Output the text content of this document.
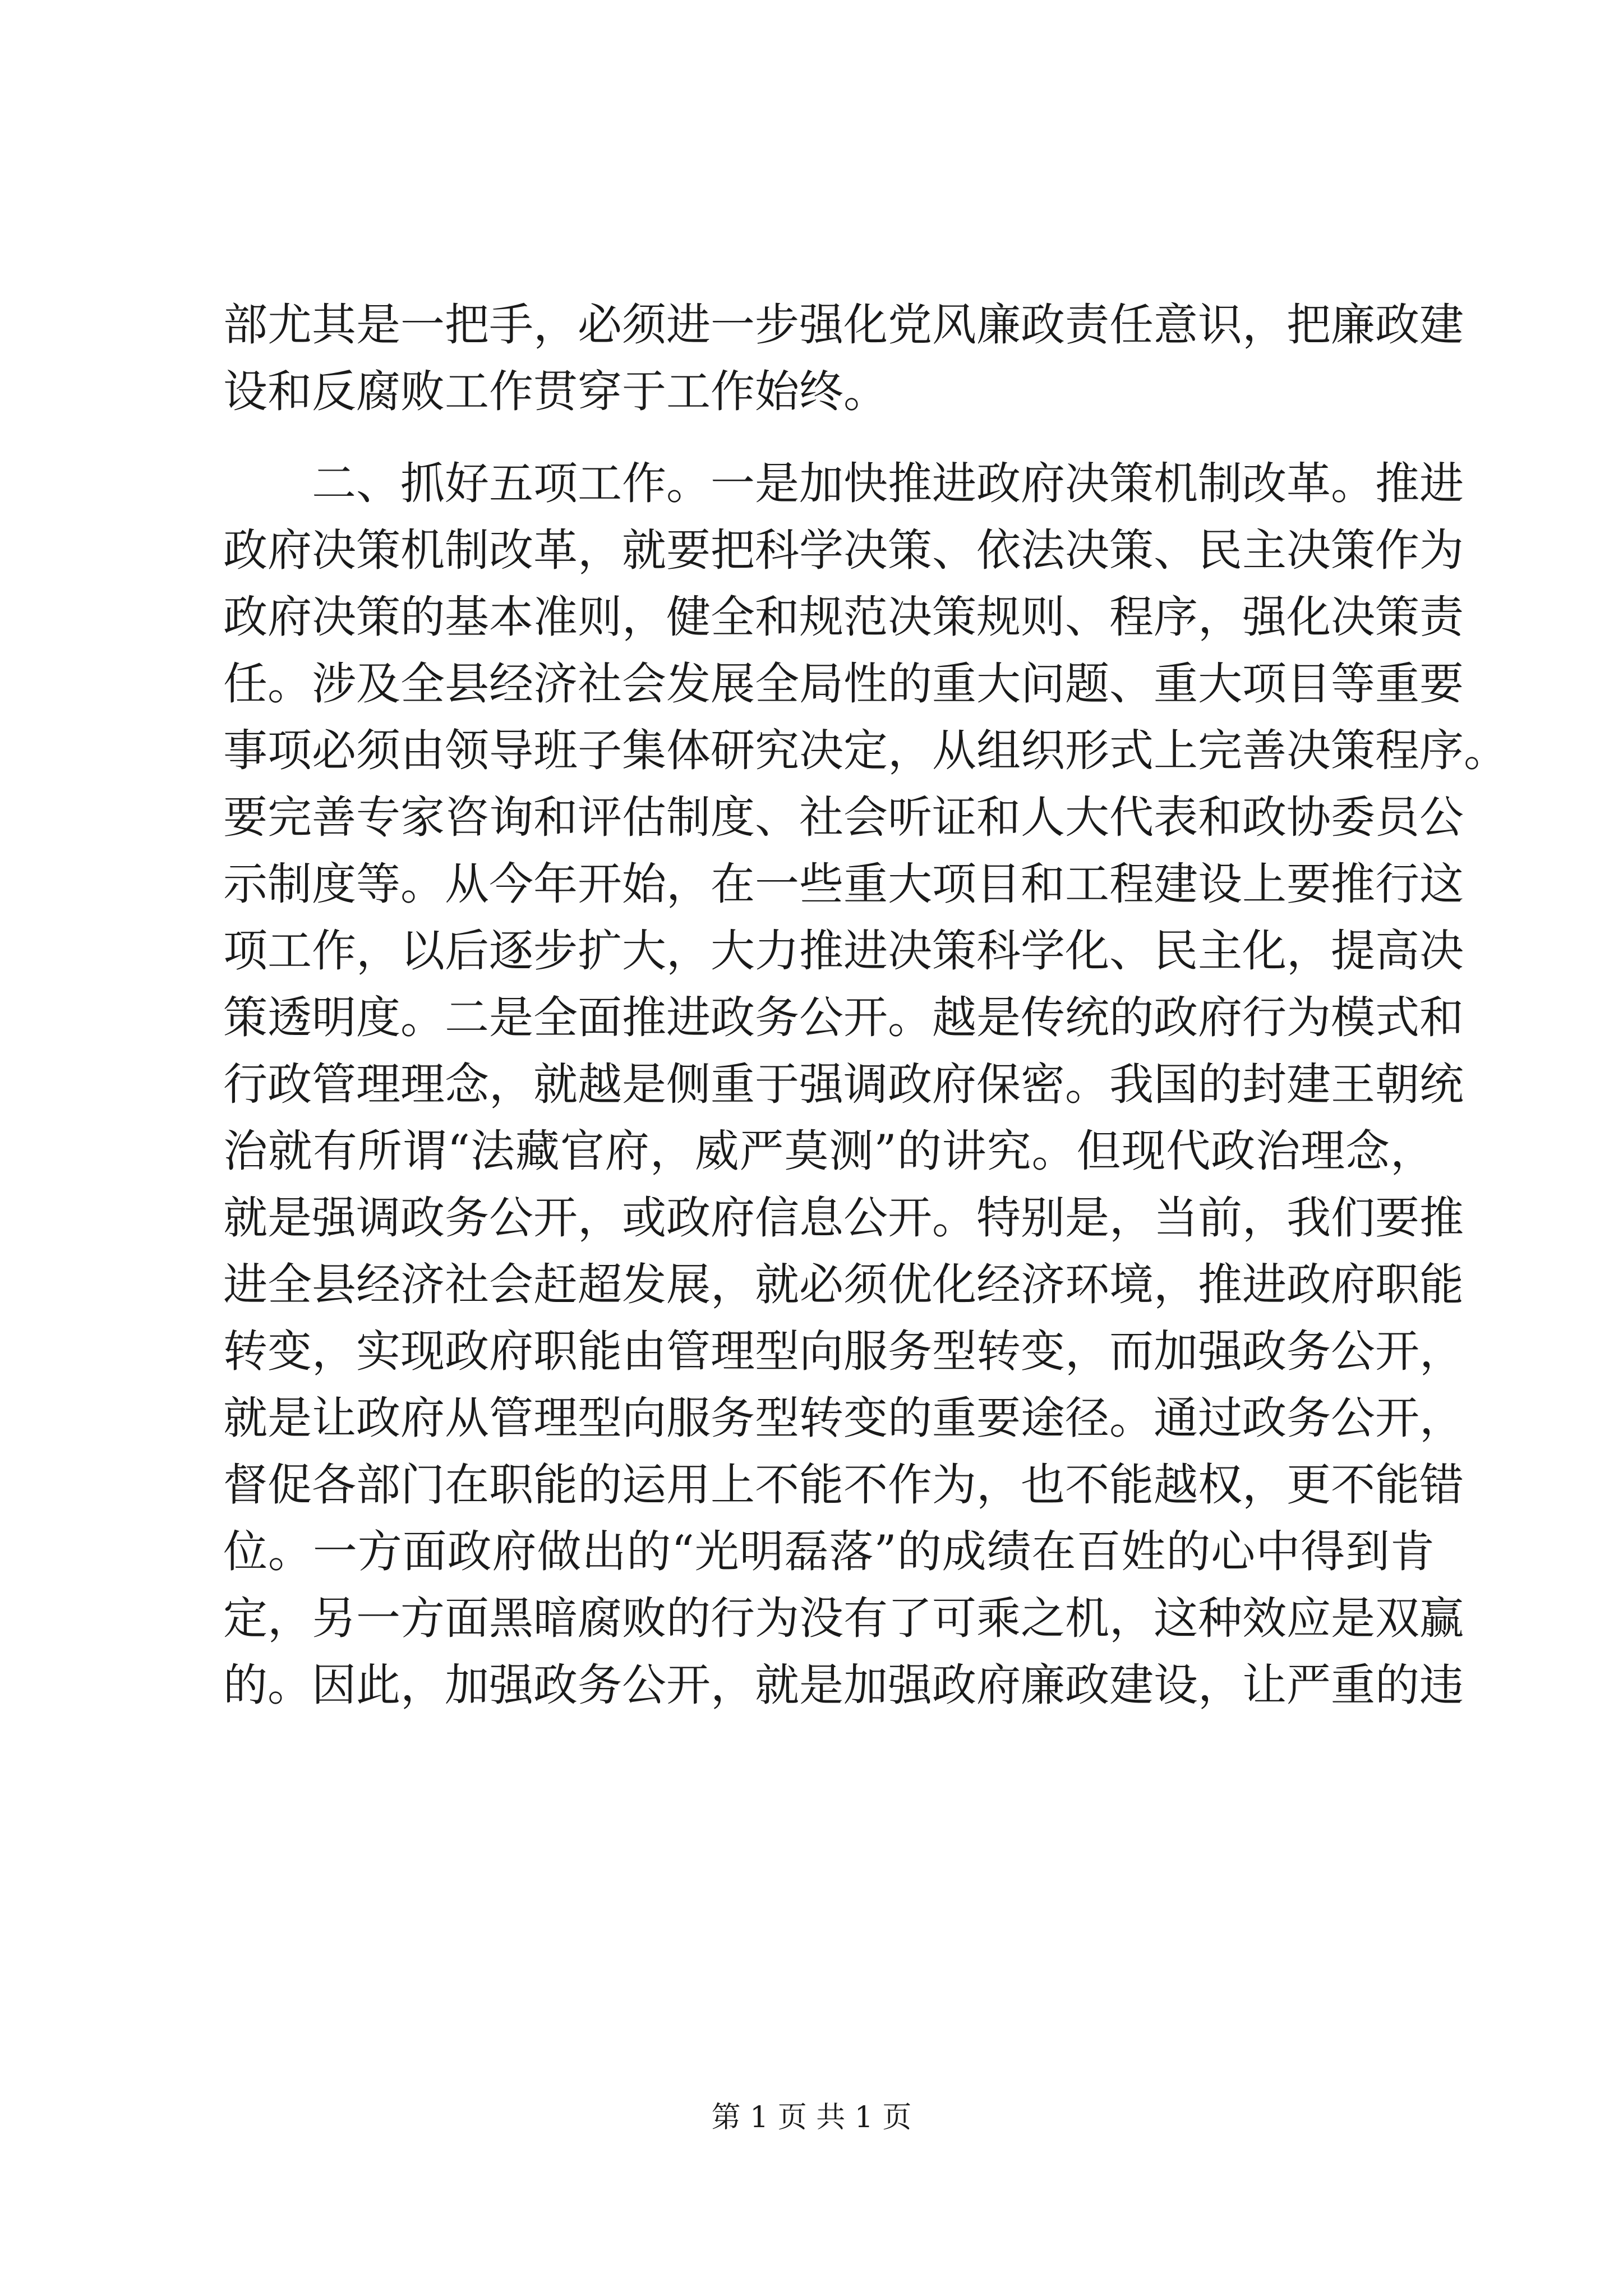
部尤其是一把手，必须进一步强化党风廉政责任意识，把廉政建
设和反腐败工作贯穿于工作始终。
二、抓好五项工作。一是加快推进政府决策机制改革。推进
政府决策机制改革，就要把科学决策、依法决策、民主决策作为
政府决策的基本准则，健全和规范决策规则、程序，强化决策责
任。涉及全县经济社会发展全局性的重大问题、重大项目等重要
事项必须由领导班子集体研究决定，从组织形式上完善决策程序。
要完善专家咨询和评估制度、社会听证和人大代表和政协委员公
示制度等。从今年开始，在一些重大项目和工程建设上要推行这
项工作，以后逐步扩大，大力推进决策科学化、民主化，提高决
策透明度。二是全面推进政务公开。越是传统的政府行为模式和
行政管理理念，就越是侧重于强调政府保密。我国的封建王朝统
治就有所谓“法藏官府，威严莫测”的讲究。但现代政治理念，
就是强调政务公开，或政府信息公开。特别是，当前，我们要推
进全县经济社会赶超发展，就必须优化经济环境，推进政府职能
转变，实现政府职能由管理型向服务型转变，而加强政务公开，
就是让政府从管理型向服务型转变的重要途径。通过政务公开，
督促各部门在职能的运用上不能不作为，也不能越权，更不能错
位。一方面政府做出的“光明磊落”的成绩在百姓的心中得到肯
定，另一方面黑暗腐败的行为没有了可乘之机，这种效应是双赢
的。因此，加强政务公开，就是加强政府廉政建设，让严重的违
第 1 页 共 1 页
